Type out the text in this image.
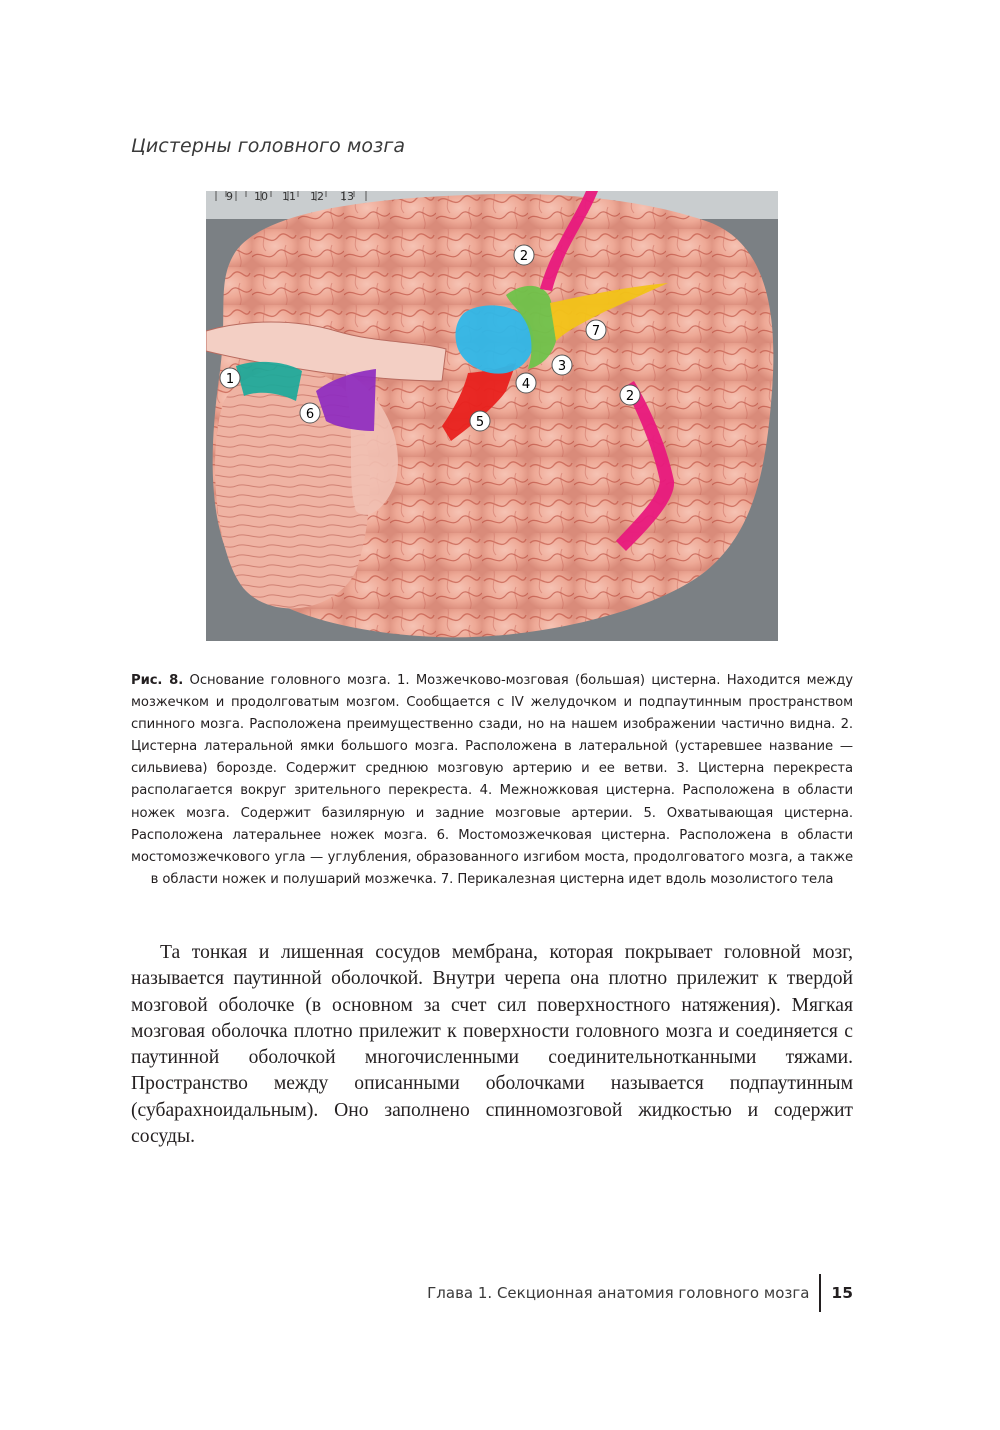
Цистерны головного мозга
9 10 11 12 13
1
2
2
3
4
5
6
7
Рис. 8. Основание головного мозга. 1. Мозжечково-мозговая (большая) цистерна. Находится между мозжечком и продолговатым мозгом. Сообщается с IV желудочком и подпаутинным пространством спинного мозга. Расположена преимущественно сзади, но на нашем изображении частично видна. 2. Цистерна латеральной ямки большого мозга. Расположена в латеральной (устаревшее название — сильвиева) борозде. Содержит среднюю мозговую артерию и ее ветви. 3. Цистерна перекреста располагается вокруг зрительного перекреста. 4. Межножковая цистерна. Расположена в области ножек мозга. Содержит базилярную и задние мозговые артерии. 5. Охватывающая цистерна. Расположена латеральнее ножек мозга. 6. Мостомозжечковая цистерна. Расположена в области мостомозжечкового угла — углубления, образованного изгибом моста, продолговатого мозга, а также в области ножек и полушарий мозжечка. 7. Перикалезная цистерна идет вдоль мозолистого тела

Та тонкая и лишенная сосудов мембрана, которая покрывает головной мозг, называется паутинной оболочкой. Внутри черепа она плотно прилежит к твердой мозговой оболочке (в основном за счет сил поверхностного натяжения). Мягкая мозговая оболочка плотно прилежит к поверхности головного мозга и соединяется с паутинной оболочкой многочисленными соединительнотканными тяжами. Пространство между описанными оболочками называется подпаутинным (субарахноидальным). Оно заполнено спинномозговой жидкостью и содержит сосуды.

Глава 1. Секционная анатомия головного мозга 15
